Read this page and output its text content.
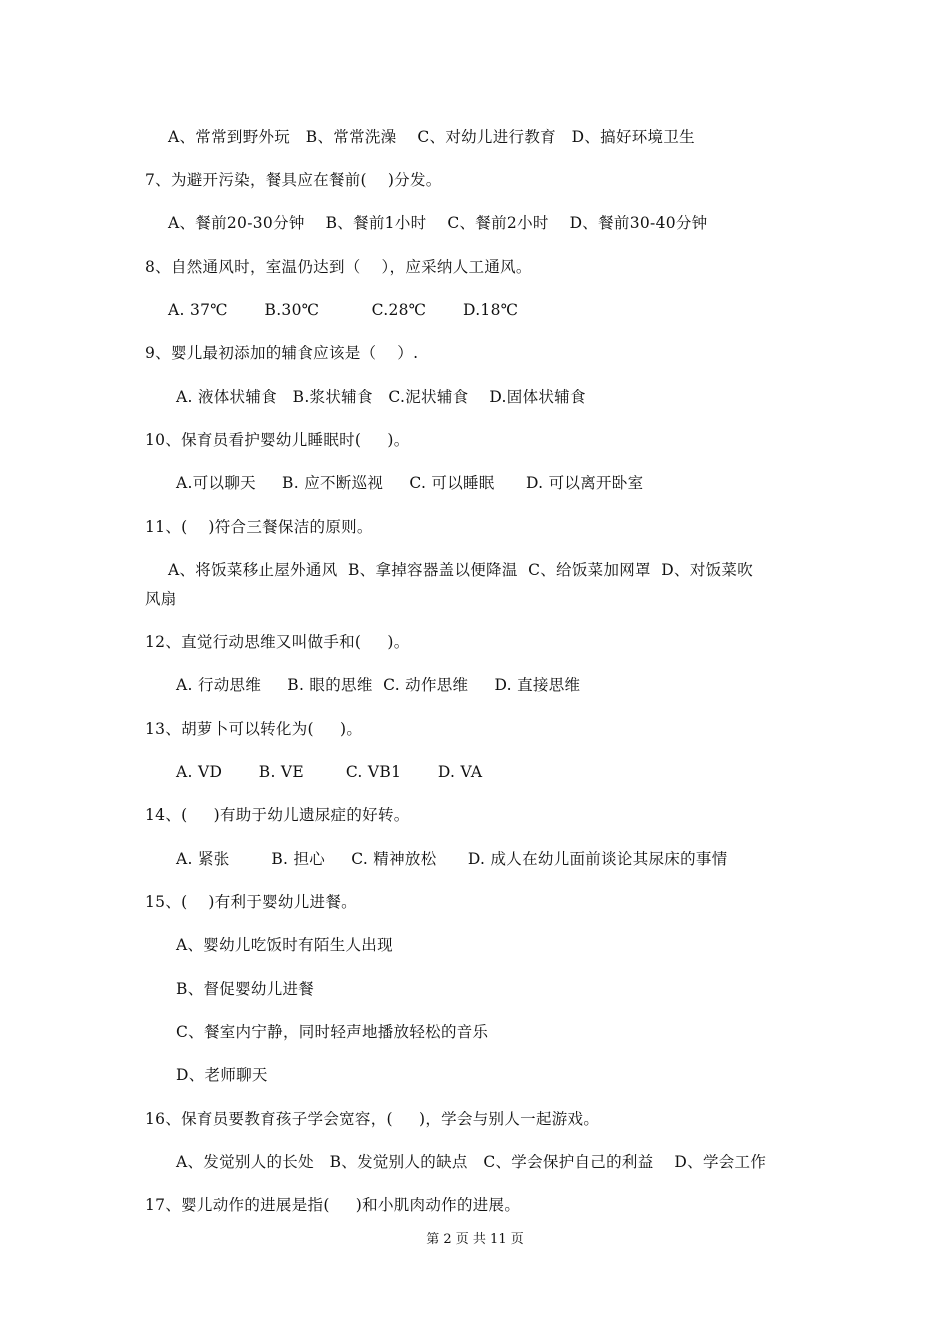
A、常常到野外玩   B、常常洗澡    C、对幼儿进行教育   D、搞好环境卫生
7、为避开污染，餐具应在餐前(    )分发。
A、餐前20-30分钟    B、餐前1小时    C、餐前2小时    D、餐前30-40分钟
8、自然通风时，室温仍达到（    ），应采纳人工通风。
A. 37℃       B.30℃          C.28℃       D.18℃
9、婴儿最初添加的辅食应该是（    ）.
A. 液体状辅食   B.浆状辅食   C.泥状辅食    D.固体状辅食
10、保育员看护婴幼儿睡眠时(     )。
A.可以聊天     B. 应不断巡视     C. 可以睡眠      D. 可以离开卧室
11、(    )符合三餐保洁的原则。
A、将饭菜移止屋外通风  B、拿掉容器盖以便降温  C、给饭菜加网罩  D、对饭菜吹
风扇
12、直觉行动思维又叫做手和(     )。
A. 行动思维     B. 眼的思维  C. 动作思维     D. 直接思维
13、胡萝卜可以转化为(     )。
A. VD       B. VE        C. VB1       D. VA
14、(     )有助于幼儿遗尿症的好转。
A. 紧张        B. 担心     C. 精神放松      D. 成人在幼儿面前谈论其尿床的事情
15、(    )有利于婴幼儿进餐。
A、婴幼儿吃饭时有陌生人出现
B、督促婴幼儿进餐
C、餐室内宁静，同时轻声地播放轻松的音乐
D、老师聊天
16、保育员要教育孩子学会宽容，(     )，学会与别人一起游戏。
A、发觉别人的长处   B、发觉别人的缺点   C、学会保护自己的利益    D、学会工作
17、婴儿动作的进展是指(     )和小肌肉动作的进展。
第 2 页 共 11 页
